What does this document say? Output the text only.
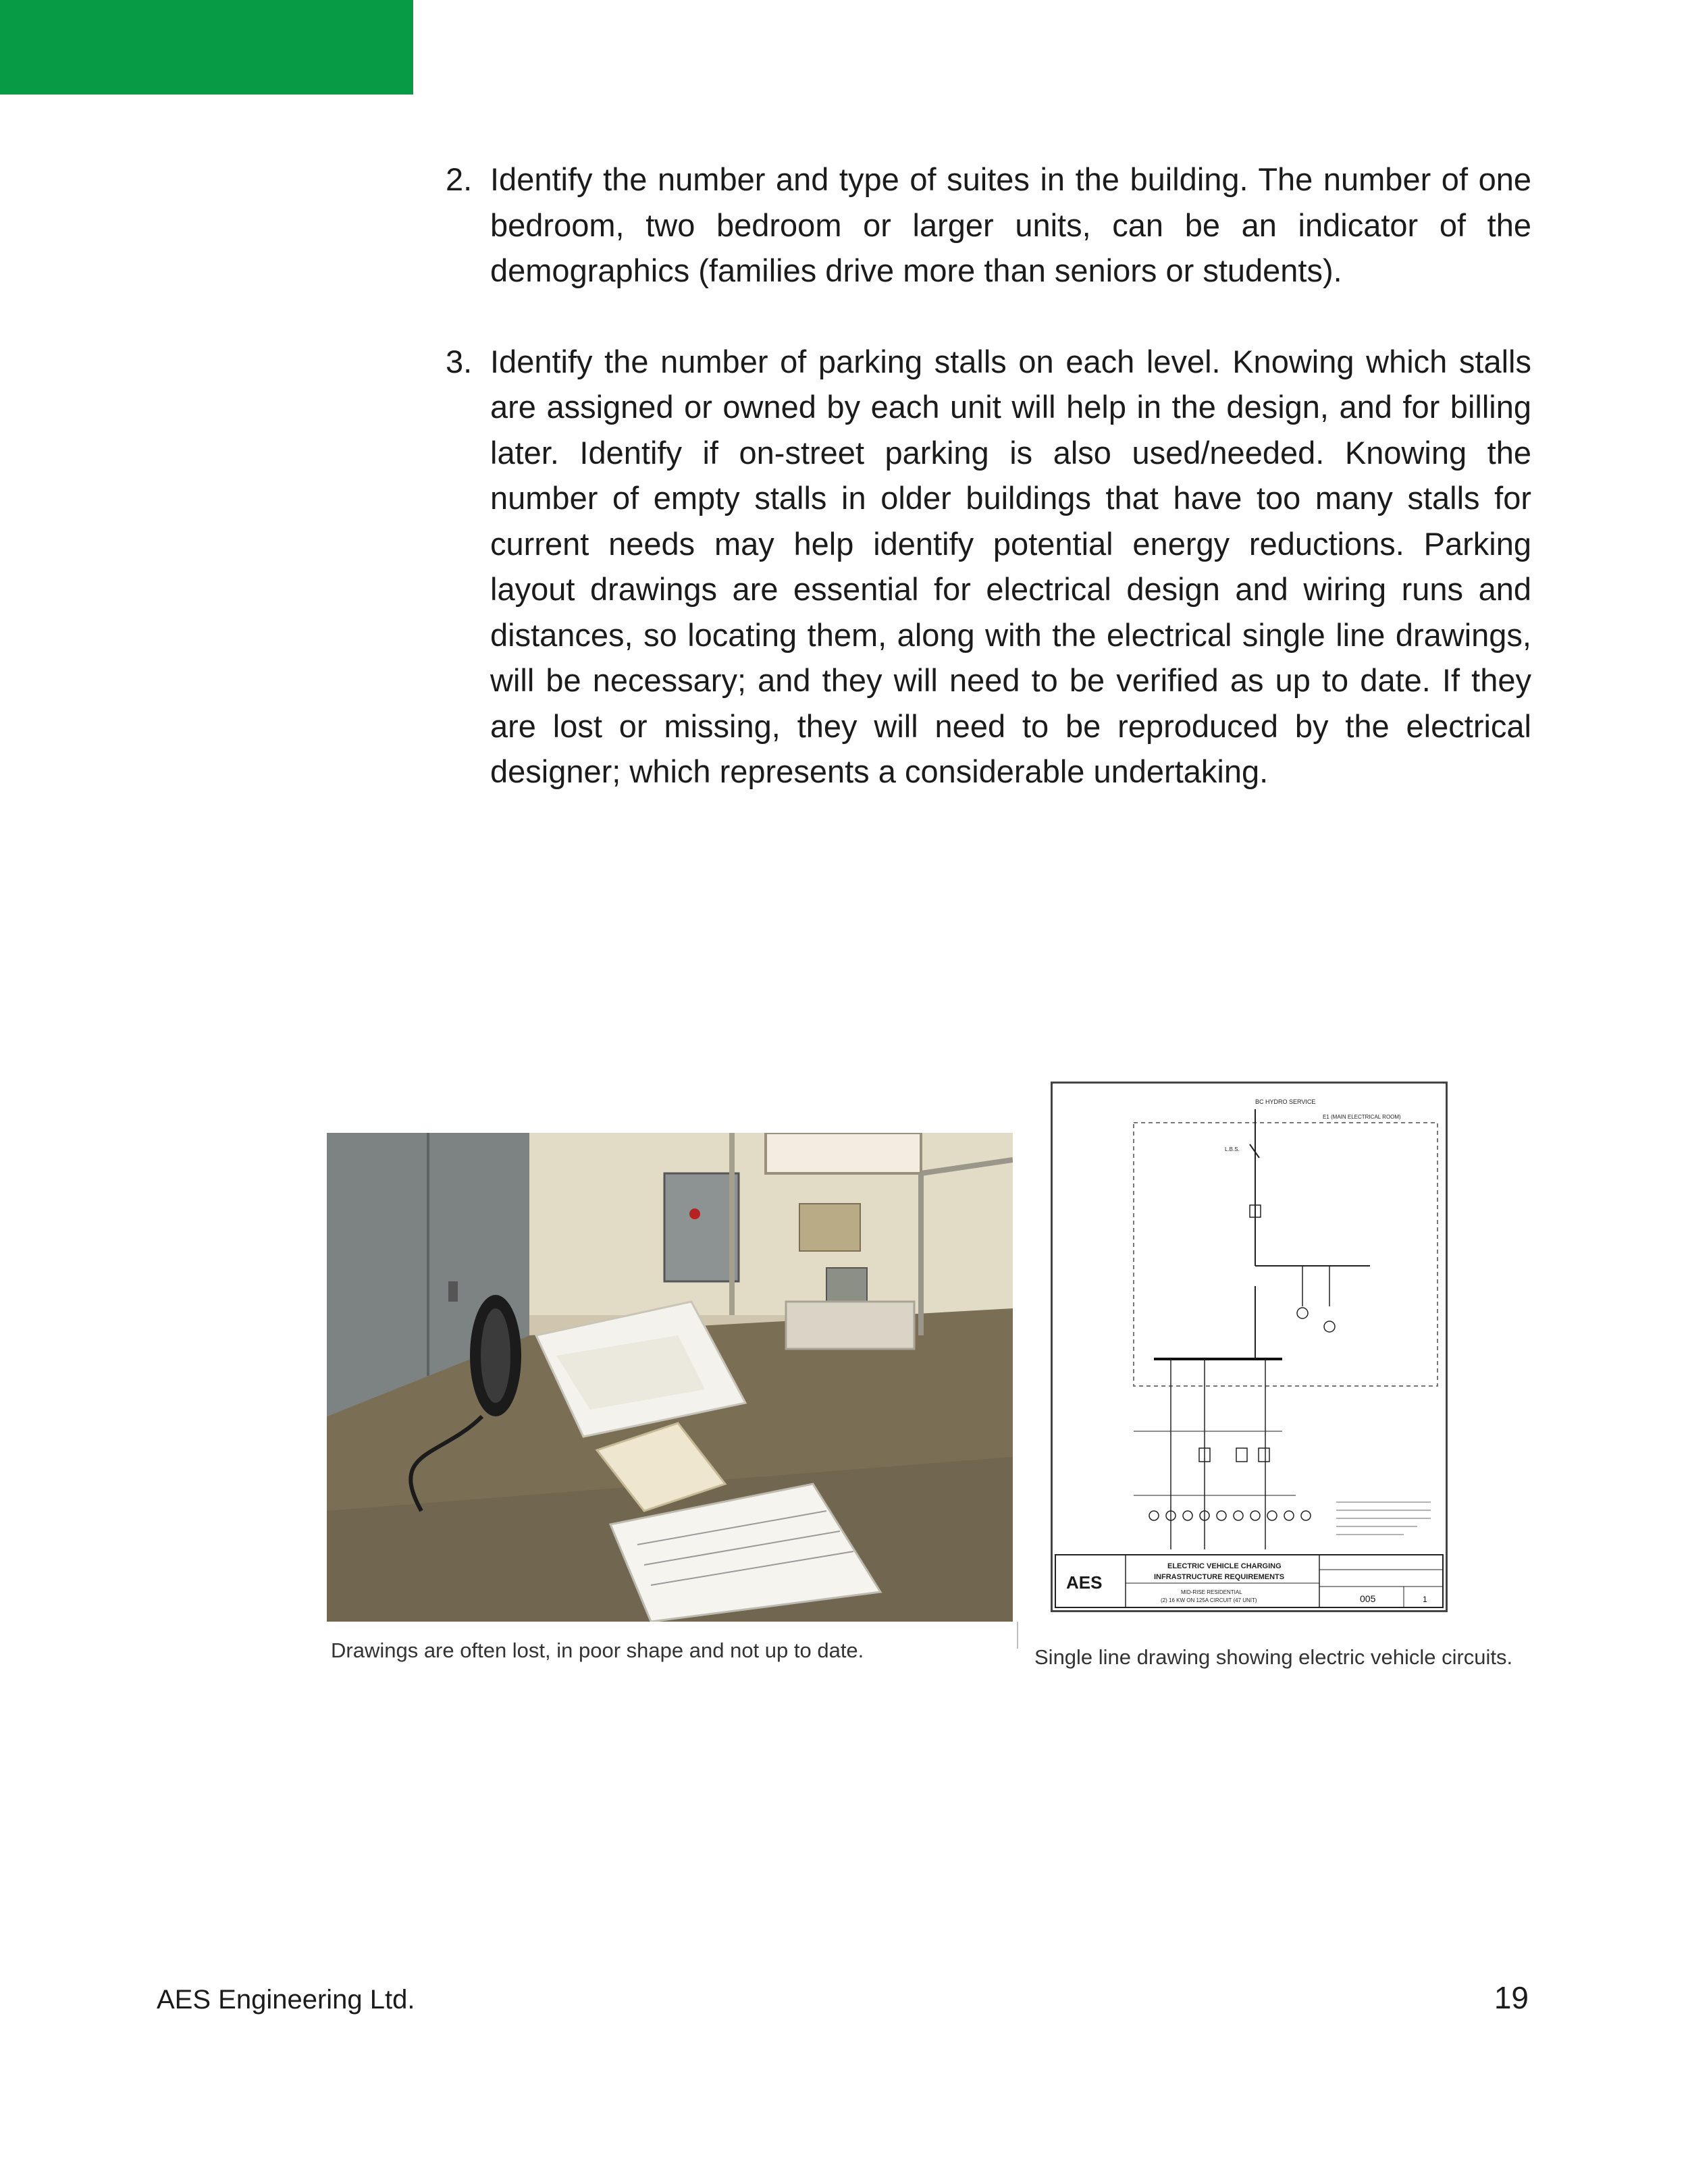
2. Identify the number and type of suites in the building. The number of one bedroom, two bedroom or larger units, can be an indicator of the demographics (families drive more than seniors or students).
3. Identify the number of parking stalls on each level. Knowing which stalls are assigned or owned by each unit will help in the design, and for billing later. Identify if on-street parking is also used/needed. Knowing the number of empty stalls in older buildings that have too many stalls for current needs may help identify potential energy reductions. Parking layout drawings are essential for electrical design and wiring runs and distances, so locating them, along with the electrical single line drawings, will be necessary; and they will need to be verified as up to date. If they are lost or missing, they will need to be reproduced by the electrical designer; which represents a considerable undertaking.
Drawings are often lost, in poor shape and not up to date.
BC HYDRO SERVICE
E1 (MAIN ELECTRICAL ROOM)
L.B.S.
AES
ELECTRIC VEHICLE CHARGING
INFRASTRUCTURE REQUIREMENTS
MID-RISE RESIDENTIAL
(2) 16 KW ON 125A CIRCUIT (47 UNIT)	005	1
Single line drawing showing electric vehicle circuits.
AES Engineering Ltd.	19
